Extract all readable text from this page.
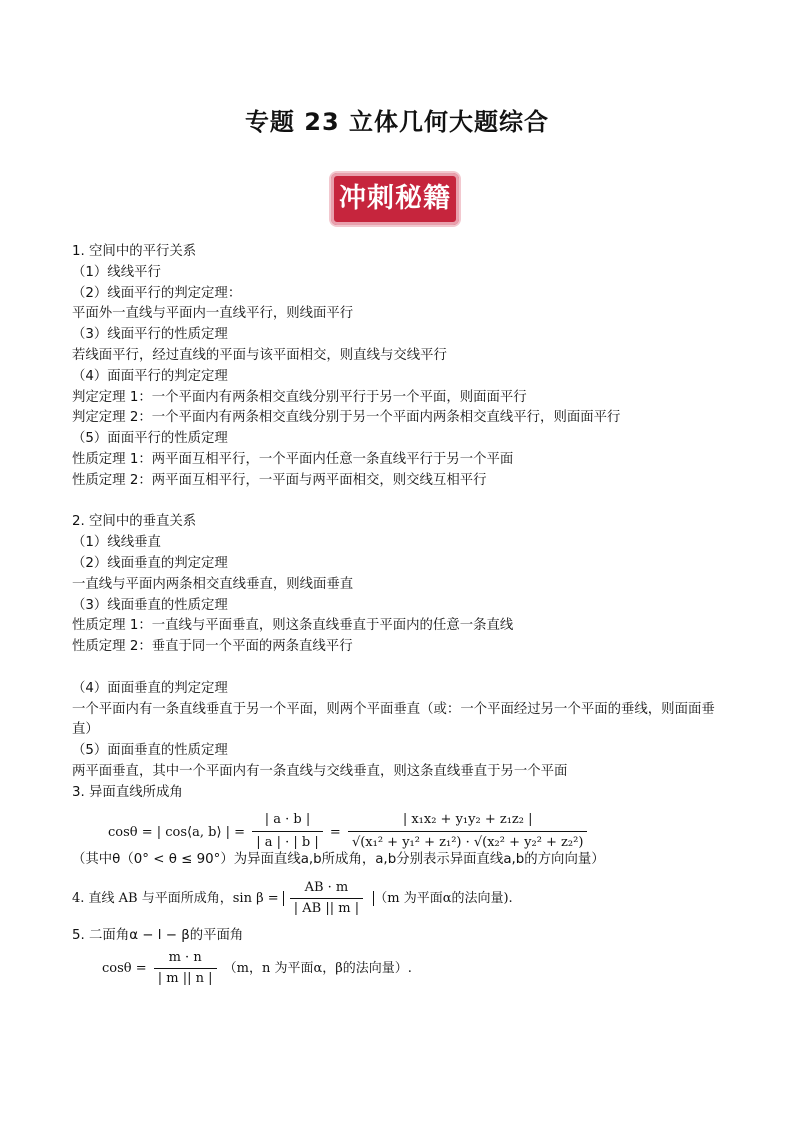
专题 23 立体几何大题综合
冲刺秘籍
1. 空间中的平行关系
（1）线线平行
（2）线面平行的判定定理：
平面外一直线与平面内一直线平行，则线面平行
（3）线面平行的性质定理
若线面平行，经过直线的平面与该平面相交，则直线与交线平行
（4）面面平行的判定定理
判定定理 1：一个平面内有两条相交直线分别平行于另一个平面，则面面平行
判定定理 2：一个平面内有两条相交直线分别于另一个平面内两条相交直线平行，则面面平行
（5）面面平行的性质定理
性质定理 1：两平面互相平行，一个平面内任意一条直线平行于另一个平面
性质定理 2：两平面互相平行，一平面与两平面相交，则交线互相平行
2. 空间中的垂直关系
（1）线线垂直
（2）线面垂直的判定定理
一直线与平面内两条相交直线垂直，则线面垂直
（3）线面垂直的性质定理
性质定理 1：一直线与平面垂直，则这条直线垂直于平面内的任意一条直线
性质定理 2：垂直于同一个平面的两条直线平行
（4）面面垂直的判定定理
一个平面内有一条直线垂直于另一个平面，则两个平面垂直（或：一个平面经过另一个平面的垂线，则面面垂直）
（5）面面垂直的性质定理
两平面垂直，其中一个平面内有一条直线与交线垂直，则这条直线垂直于另一个平面
3. 异面直线所成角
cosθ = | cos⟨a, b⟩ | = $\frac{| a \cdot b |}{| a | \cdot | b |} = \frac{\text{| x₁x₂ + y₁y₂ + z₁z₂ |}}{\text{√(x₁² + y₁² + z₁²) · √(x₂² + y₂² + z₂²)}}$
（其中θ（0° < θ ≤ 90°）为异面直线a,b所成角，a,b分别表示异面直线a,b的方向向量）
4. 直线 AB 与平面所成角，$\sin \beta = \frac{AB \cdot m}{| AB || m |} (m$ 为平面α的法向量).
5. 二面角α − l − β的平面角
$\cos\theta = \frac{m \cdot n}{| m || n |} (m$，n 为平面α，β的法向量）.
